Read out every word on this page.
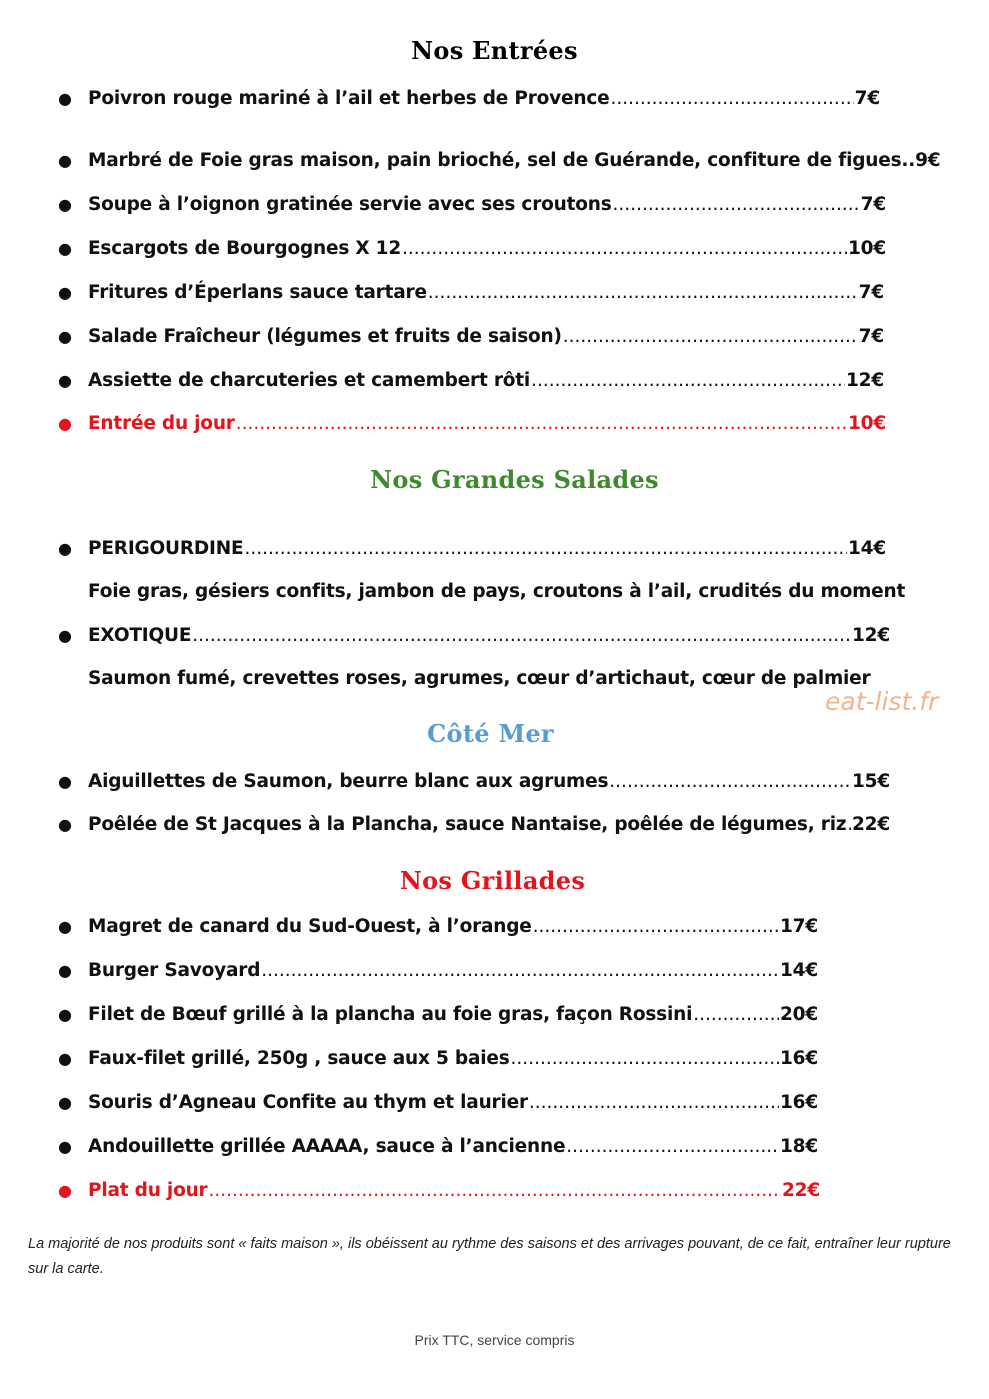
Nos Entrées
● Poivron rouge mariné à l’ail et herbes de Provence .....	7€
● Marbré de Foie gras maison, pain brioché, sel de Guérande, confiture de figues.. 9€
● Soupe à l’oignon gratinée servie avec ses croutons .....	7€
● Escargots de Bourgognes X 12 .....	10€
● Fritures d’Éperlans sauce tartare .....	7€
● Salade Fraîcheur (légumes et fruits de saison) .....	7€
● Assiette de charcuteries et camembert rôti .....	12€
● Entrée du jour .....	10€
Nos Grandes Salades
● PERIGOURDINE .....	14€
Foie gras, gésiers confits, jambon de pays, croutons à l’ail, crudités du moment
● EXOTIQUE .....	12€
Saumon fumé, crevettes roses, agrumes, cœur d’artichaut, cœur de palmier
eat-list.fr
Côté Mer
● Aiguillettes de Saumon, beurre blanc aux agrumes .....	15€
● Poêlée de St Jacques à la Plancha, sauce Nantaise, poêlée de légumes, riz ..... 22€
Nos Grillades
● Magret de canard du Sud-Ouest, à l’orange .....	17€
● Burger Savoyard .....	14€
● Filet de Bœuf grillé à la plancha au foie gras, façon Rossini .....	20€
● Faux-filet grillé, 250g , sauce aux 5 baies .....	16€
● Souris d’Agneau Confite au thym et laurier .....	16€
● Andouillette grillée AAAAA, sauce à l’ancienne .....	18€
● Plat du jour .....	22€
La majorité de nos produits sont « faits maison », ils obéissent au rythme des saisons et des arrivages pouvant, de ce fait, entraîner leur rupture sur la carte.
Prix TTC, service compris
